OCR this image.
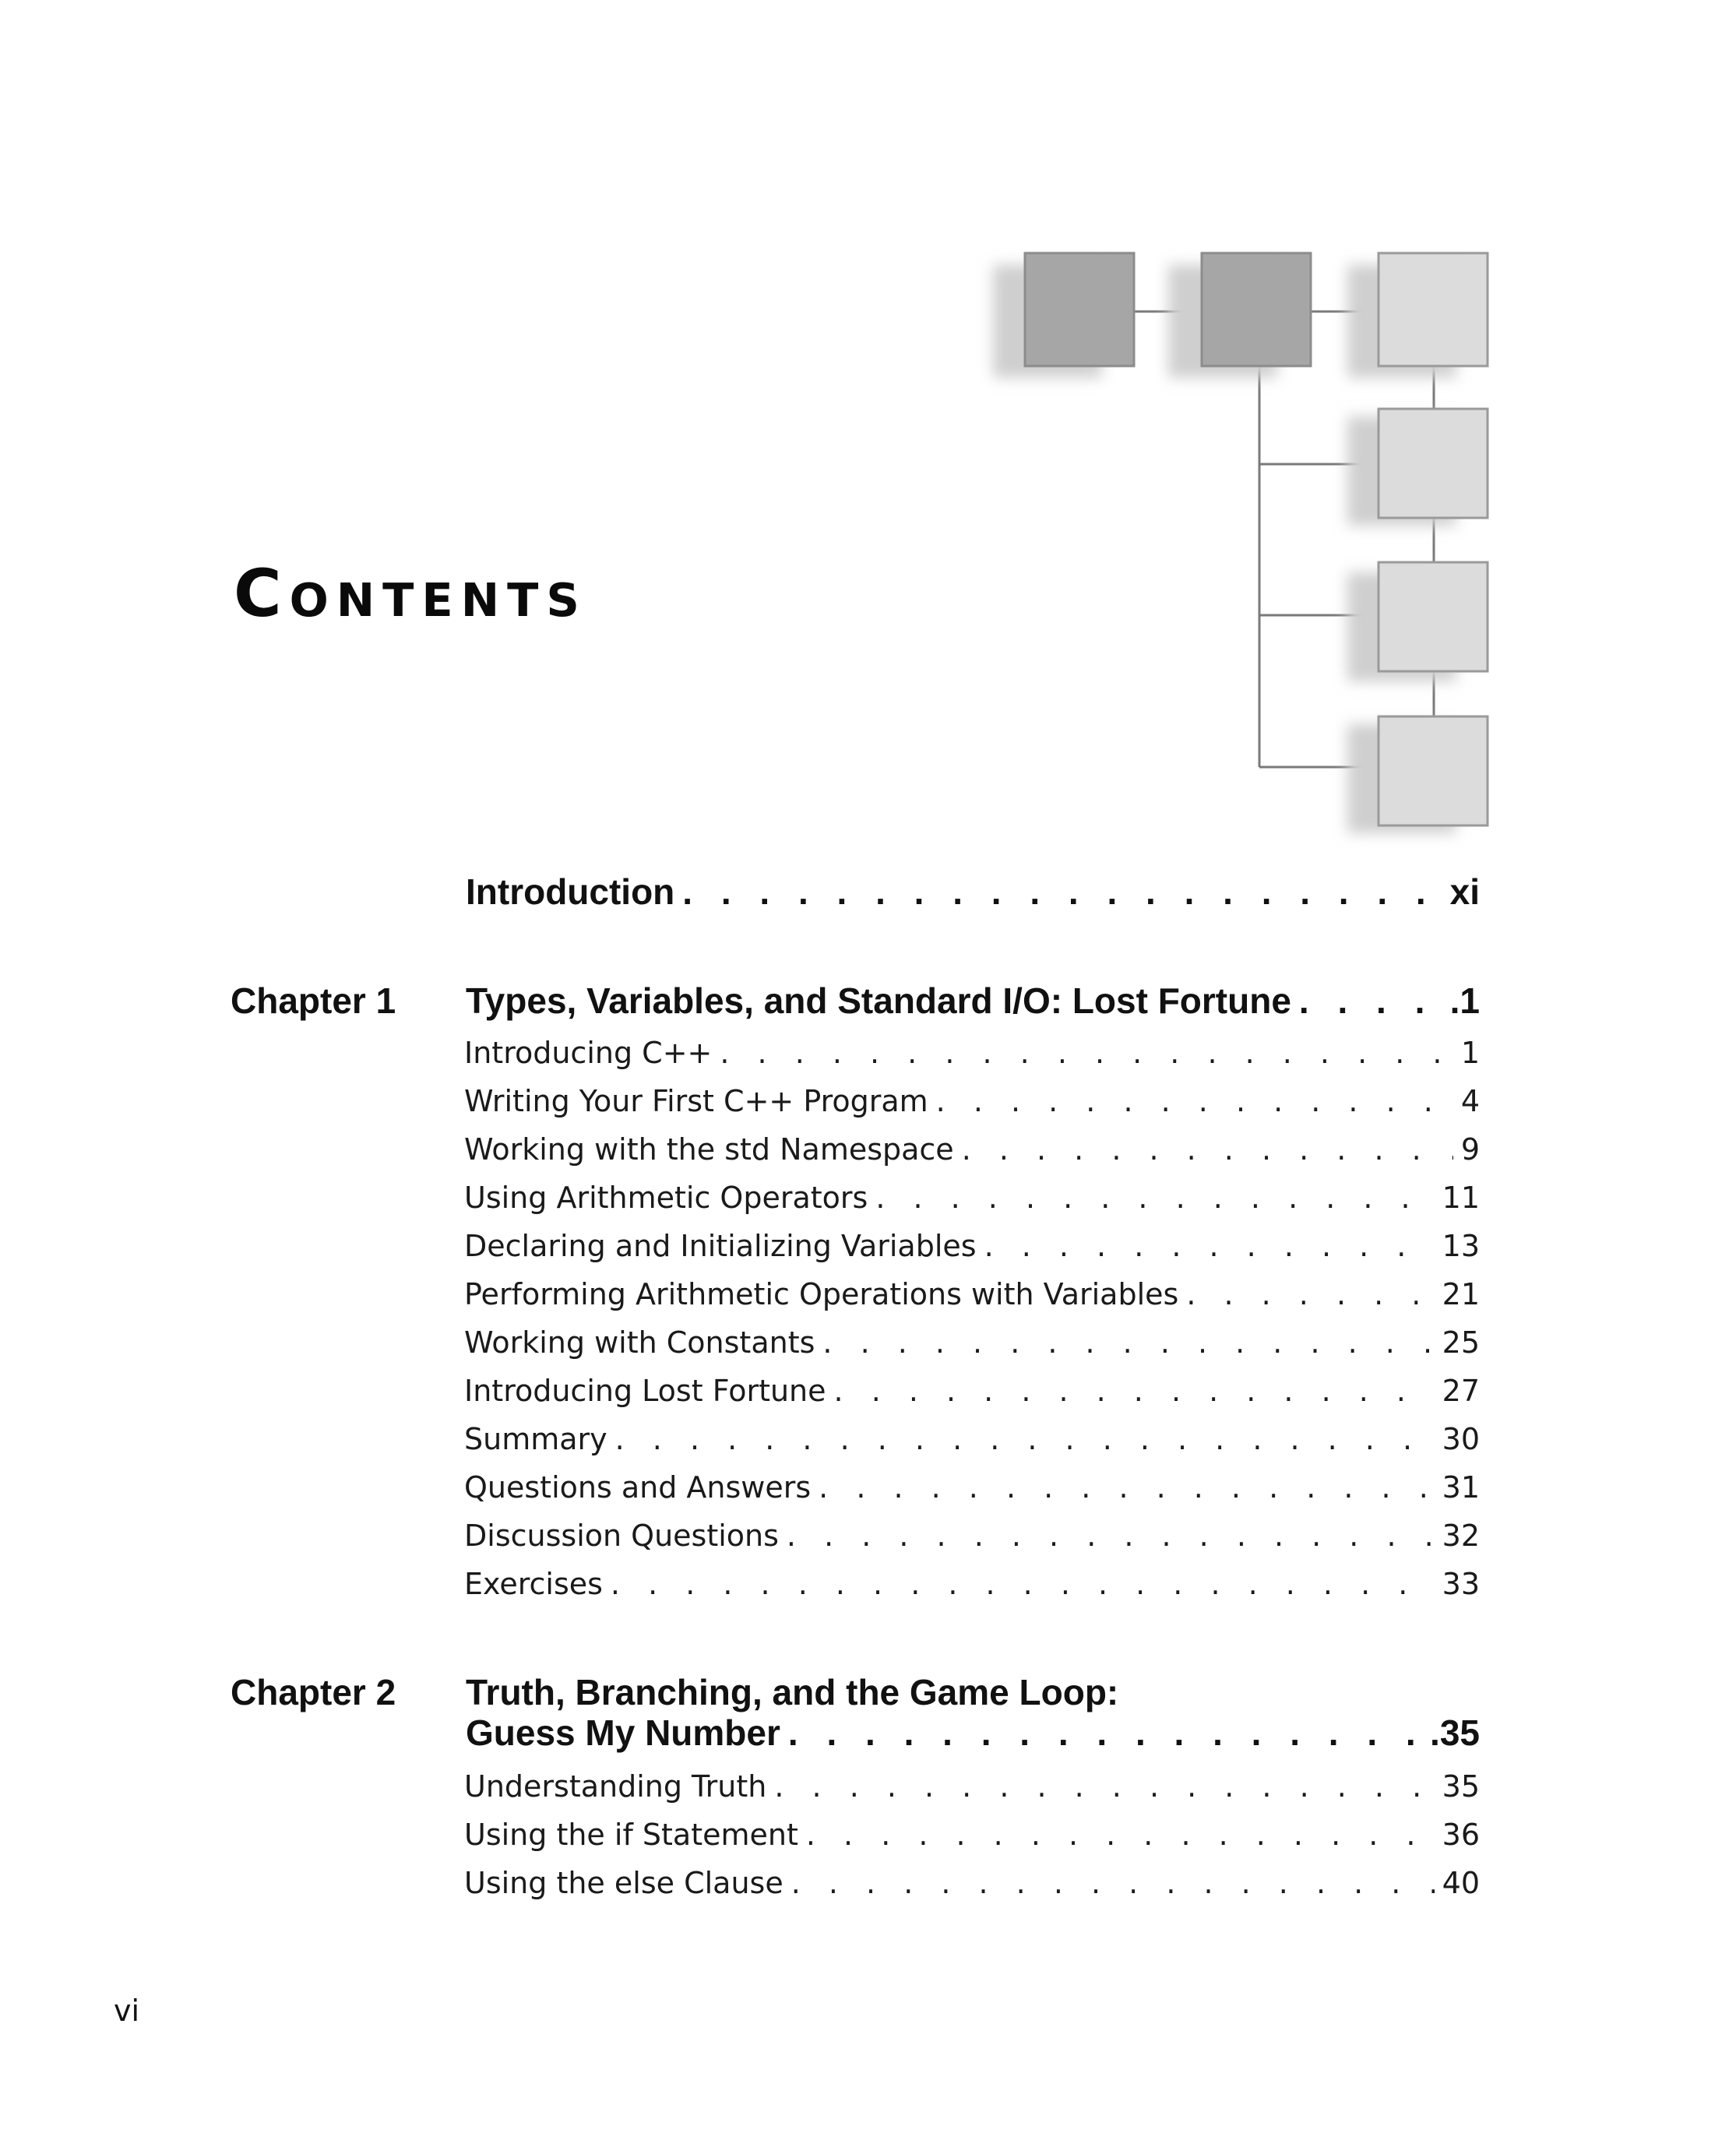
Contents
Introduction . . .	xi
Chapter 1 Types, Variables, and Standard I/O: Lost Fortune . . .	.1
Introducing C++ . . .	1
Writing Your First C++ Program . . .	4
Working with the std Namespace . . .	9
Using Arithmetic Operators . . .	11
Declaring and Initializing Variables . . .	13
Performing Arithmetic Operations with Variables . . .	21
Working with Constants . . .	25
Introducing Lost Fortune . . .	27
Summary . . .	30
Questions and Answers . . .	31
Discussion Questions . . .	32
Exercises . . .	33
Chapter 2 Truth, Branching, and the Game Loop:
Guess My Number . . .	.35
Understanding Truth . . .	35
Using the if Statement . . .	36
Using the else Clause . . .	40
vi
